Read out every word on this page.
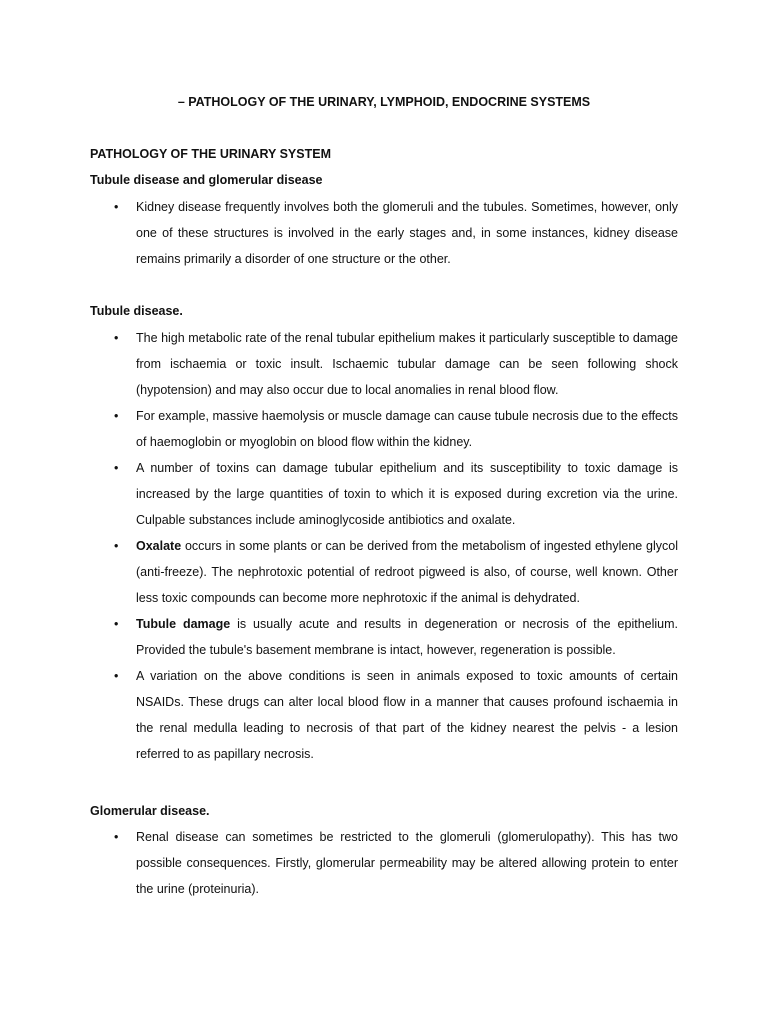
– PATHOLOGY OF THE URINARY, LYMPHOID, ENDOCRINE SYSTEMS
PATHOLOGY OF THE URINARY SYSTEM
Tubule disease and glomerular disease
• Kidney disease frequently involves both the glomeruli and the tubules. Sometimes, however, only one of these structures is involved in the early stages and, in some instances, kidney disease remains primarily a disorder of one structure or the other.
Tubule disease.
• The high metabolic rate of the renal tubular epithelium makes it particularly susceptible to damage from ischaemia or toxic insult. Ischaemic tubular damage can be seen following shock (hypotension) and may also occur due to local anomalies in renal blood flow.
• For example, massive haemolysis or muscle damage can cause tubule necrosis due to the effects of haemoglobin or myoglobin on blood flow within the kidney.
• A number of toxins can damage tubular epithelium and its susceptibility to toxic damage is increased by the large quantities of toxin to which it is exposed during excretion via the urine. Culpable substances include aminoglycoside antibiotics and oxalate.
• Oxalate occurs in some plants or can be derived from the metabolism of ingested ethylene glycol (anti-freeze). The nephrotoxic potential of redroot pigweed is also, of course, well known. Other less toxic compounds can become more nephrotoxic if the animal is dehydrated.
• Tubule damage is usually acute and results in degeneration or necrosis of the epithelium. Provided the tubule's basement membrane is intact, however, regeneration is possible.
• A variation on the above conditions is seen in animals exposed to toxic amounts of certain NSAIDs. These drugs can alter local blood flow in a manner that causes profound ischaemia in the renal medulla leading to necrosis of that part of the kidney nearest the pelvis - a lesion referred to as papillary necrosis.
Glomerular disease.
• Renal disease can sometimes be restricted to the glomeruli (glomerulopathy). This has two possible consequences. Firstly, glomerular permeability may be altered allowing protein to enter the urine (proteinuria).
